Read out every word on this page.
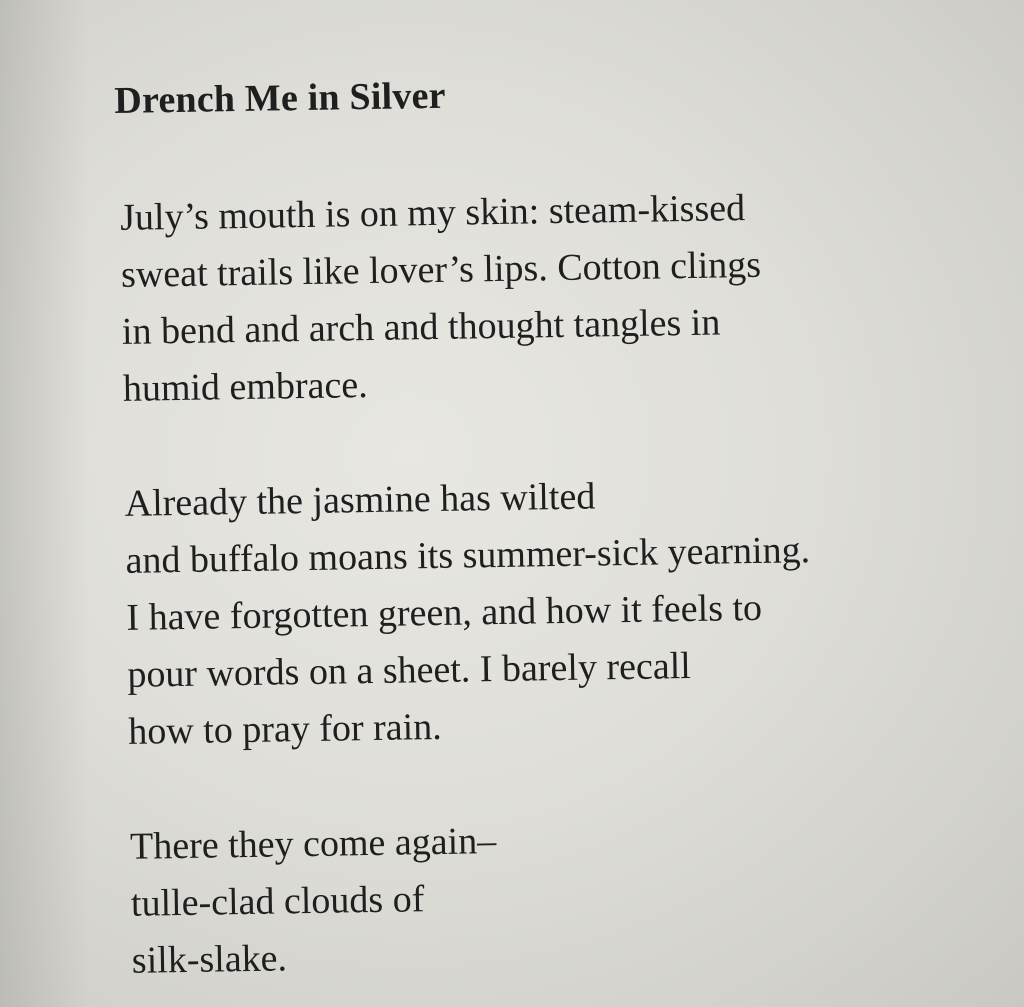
Drench Me in Silver
July’s mouth is on my skin: steam-kissed
sweat trails like lover’s lips. Cotton clings
in bend and arch and thought tangles in
humid embrace.
Already the jasmine has wilted
and buffalo moans its summer-sick yearning.
I have forgotten green, and how it feels to
pour words on a sheet. I barely recall
how to pray for rain.
There they come again–
tulle-clad clouds of
silk-slake.
